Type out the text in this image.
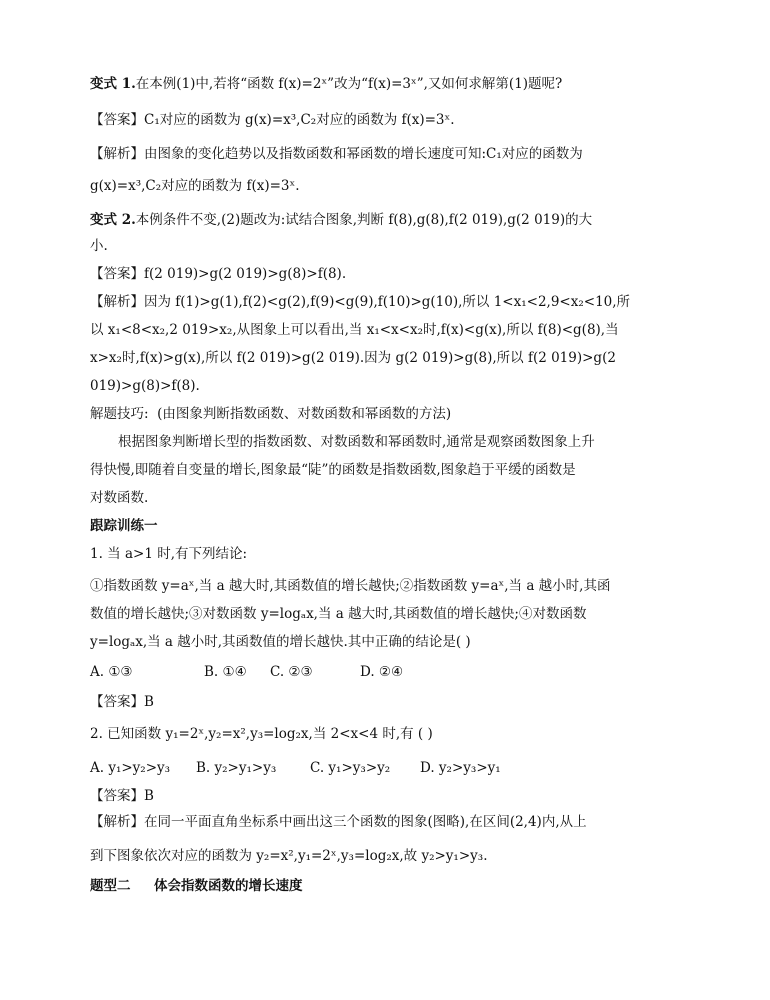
变式 1.在本例(1)中,若将“函数 f(x)=2ˣ”改为“f(x)=3ˣ”,又如何求解第(1)题呢?
【答案】C₁对应的函数为 g(x)=x³,C₂对应的函数为 f(x)=3ˣ.
【解析】由图象的变化趋势以及指数函数和幂函数的增长速度可知:C₁对应的函数为
g(x)=x³,C₂对应的函数为 f(x)=3ˣ.
变式 2.本例条件不变,(2)题改为:试结合图象,判断 f(8),g(8),f(2 019),g(2 019)的大
小.
【答案】f(2 019)>g(2 019)>g(8)>f(8).
【解析】因为 f(1)>g(1),f(2)<g(2),f(9)<g(9),f(10)>g(10),所以 1<x₁<2,9<x₂<10,所
以 x₁<8<x₂,2 019>x₂,从图象上可以看出,当 x₁<x<x₂时,f(x)<g(x),所以 f(8)<g(8),当
x>x₂时,f(x)>g(x),所以 f(2 019)>g(2 019).因为 g(2 019)>g(8),所以 f(2 019)>g(2
019)>g(8)>f(8).
解题技巧: (由图象判断指数函数、对数函数和幂函数的方法)
根据图象判断增长型的指数函数、对数函数和幂函数时,通常是观察函数图象上升
得快慢,即随着自变量的增长,图象最“陡”的函数是指数函数,图象趋于平缓的函数是
对数函数.
跟踪训练一
1. 当 a>1 时,有下列结论:
①指数函数 y=aˣ,当 a 越大时,其函数值的增长越快;②指数函数 y=aˣ,当 a 越小时,其函
数值的增长越快;③对数函数 y=logₐx,当 a 越大时,其函数值的增长越快;④对数函数
y=logₐx,当 a 越小时,其函数值的增长越快.其中正确的结论是( )
A. ①③	B. ①④ C. ②③	D. ②④
【答案】B
2. 已知函数 y₁=2ˣ,y₂=x²,y₃=log₂x,当 2<x<4 时,有 ( )
A. y₁>y₂>y₃ B. y₂>y₁>y₃	C. y₁>y₃>y₂ D. y₂>y₃>y₁
【答案】B
【解析】在同一平面直角坐标系中画出这三个函数的图象(图略),在区间(2,4)内,从上
到下图象依次对应的函数为 y₂=x²,y₁=2ˣ,y₃=log₂x,故 y₂>y₁>y₃.
题型二 体会指数函数的增长速度
